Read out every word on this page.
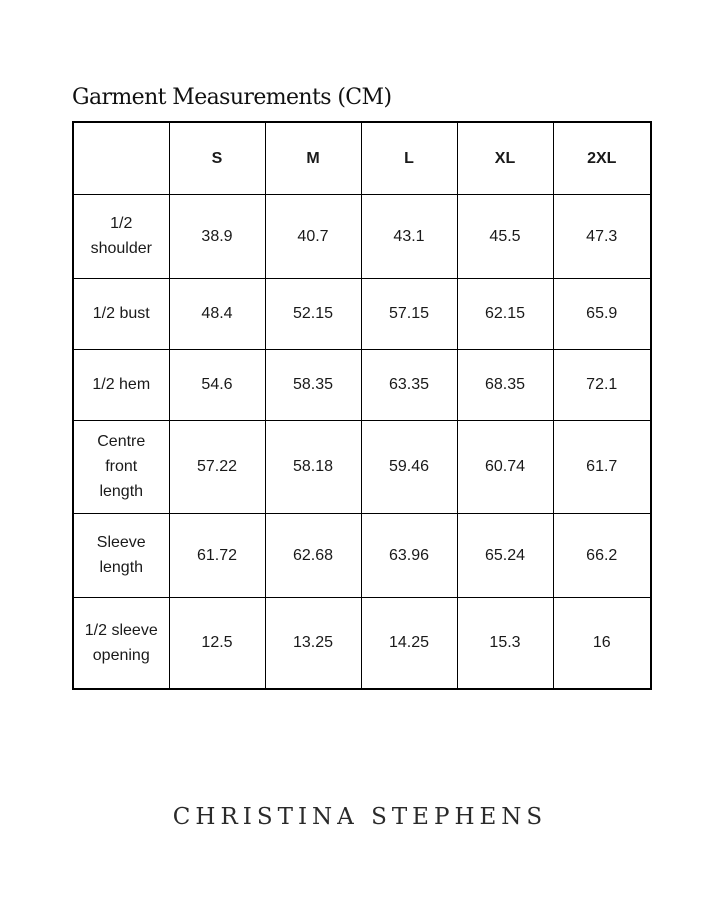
Garment Measurements (CM)
	S	M	L	XL	2XL
1/2 shoulder	38.9	40.7	43.1	45.5	47.3
1/2 bust	48.4	52.15	57.15	62.15	65.9
1/2 hem	54.6	58.35	63.35	68.35	72.1
Centre front length	57.22	58.18	59.46	60.74	61.7
Sleeve length	61.72	62.68	63.96	65.24	66.2
1/2 sleeve opening	12.5	13.25	14.25	15.3	16
CHRISTINA STEPHENS
